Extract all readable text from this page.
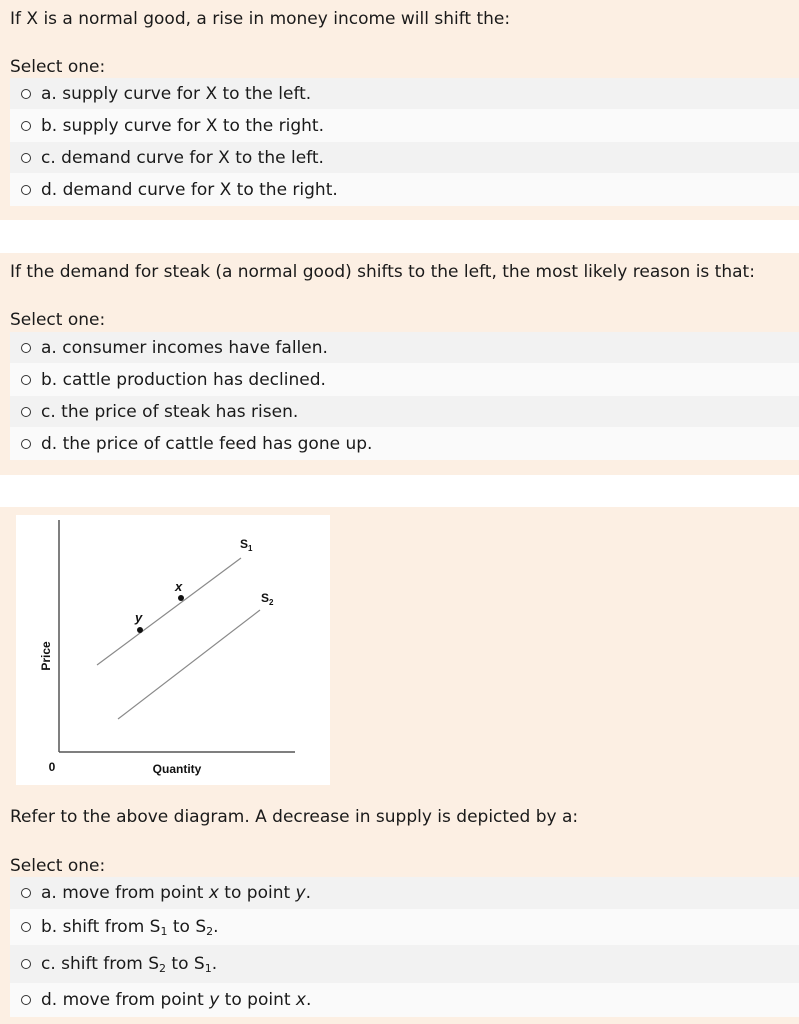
If X is a normal good, a rise in money income will shift the:
Select one:
a. supply curve for X to the left.
b. supply curve for X to the right.
c. demand curve for X to the left.
d. demand curve for X to the right.
If the demand for steak (a normal good) shifts to the left, the most likely reason is that:
Select one:
a. consumer incomes have fallen.
b. cattle production has declined.
c. the price of steak has risen.
d. the price of cattle feed has gone up.
Refer to the above diagram. A decrease in supply is depicted by a:
Select one:
a. move from point x to point y.
b. shift from $S_1$ to $S_2$.
c. shift from $S_2$ to $S_1$.
d. move from point y to point x.
x
y
$S_1$
$S_2$
Price
Quantity
0
